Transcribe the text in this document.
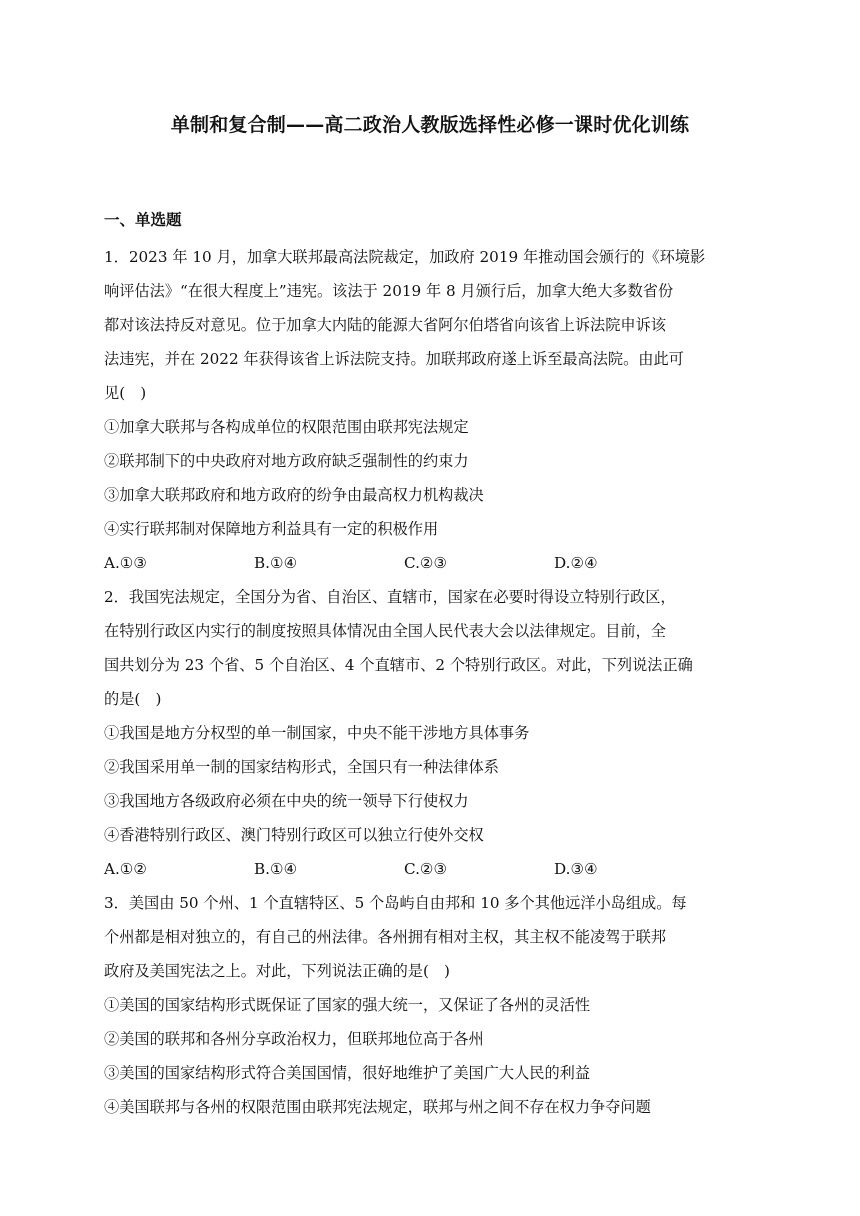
单制和复合制——高二政治人教版选择性必修一课时优化训练
一、单选题
1．2023 年 10 月，加拿大联邦最高法院裁定，加政府 2019 年推动国会颁行的《环境影
响评估法》“在很大程度上”违宪。该法于 2019 年 8 月颁行后，加拿大绝大多数省份
都对该法持反对意见。位于加拿大内陆的能源大省阿尔伯塔省向该省上诉法院申诉该
法违宪，并在 2022 年获得该省上诉法院支持。加联邦政府遂上诉至最高法院。由此可
见(　)
①加拿大联邦与各构成单位的权限范围由联邦宪法规定
②联邦制下的中央政府对地方政府缺乏强制性的约束力
③加拿大联邦政府和地方政府的纷争由最高权力机构裁决
④实行联邦制对保障地方利益具有一定的积极作用
A.①③	B.①④	C.②③	D.②④
2．我国宪法规定，全国分为省、自治区、直辖市，国家在必要时得设立特别行政区，
在特别行政区内实行的制度按照具体情况由全国人民代表大会以法律规定。目前，全
国共划分为 23 个省、5 个自治区、4 个直辖市、2 个特别行政区。对此，下列说法正确
的是(　)
①我国是地方分权型的单一制国家，中央不能干涉地方具体事务
②我国采用单一制的国家结构形式，全国只有一种法律体系
③我国地方各级政府必须在中央的统一领导下行使权力
④香港特别行政区、澳门特别行政区可以独立行使外交权
A.①②	B.①④	C.②③	D.③④
3．美国由 50 个州、1 个直辖特区、5 个岛屿自由邦和 10 多个其他远洋小岛组成。每
个州都是相对独立的，有自己的州法律。各州拥有相对主权，其主权不能凌驾于联邦
政府及美国宪法之上。对此，下列说法正确的是(　)
①美国的国家结构形式既保证了国家的强大统一，又保证了各州的灵活性
②美国的联邦和各州分享政治权力，但联邦地位高于各州
③美国的国家结构形式符合美国国情，很好地维护了美国广大人民的利益
④美国联邦与各州的权限范围由联邦宪法规定，联邦与州之间不存在权力争夺问题
